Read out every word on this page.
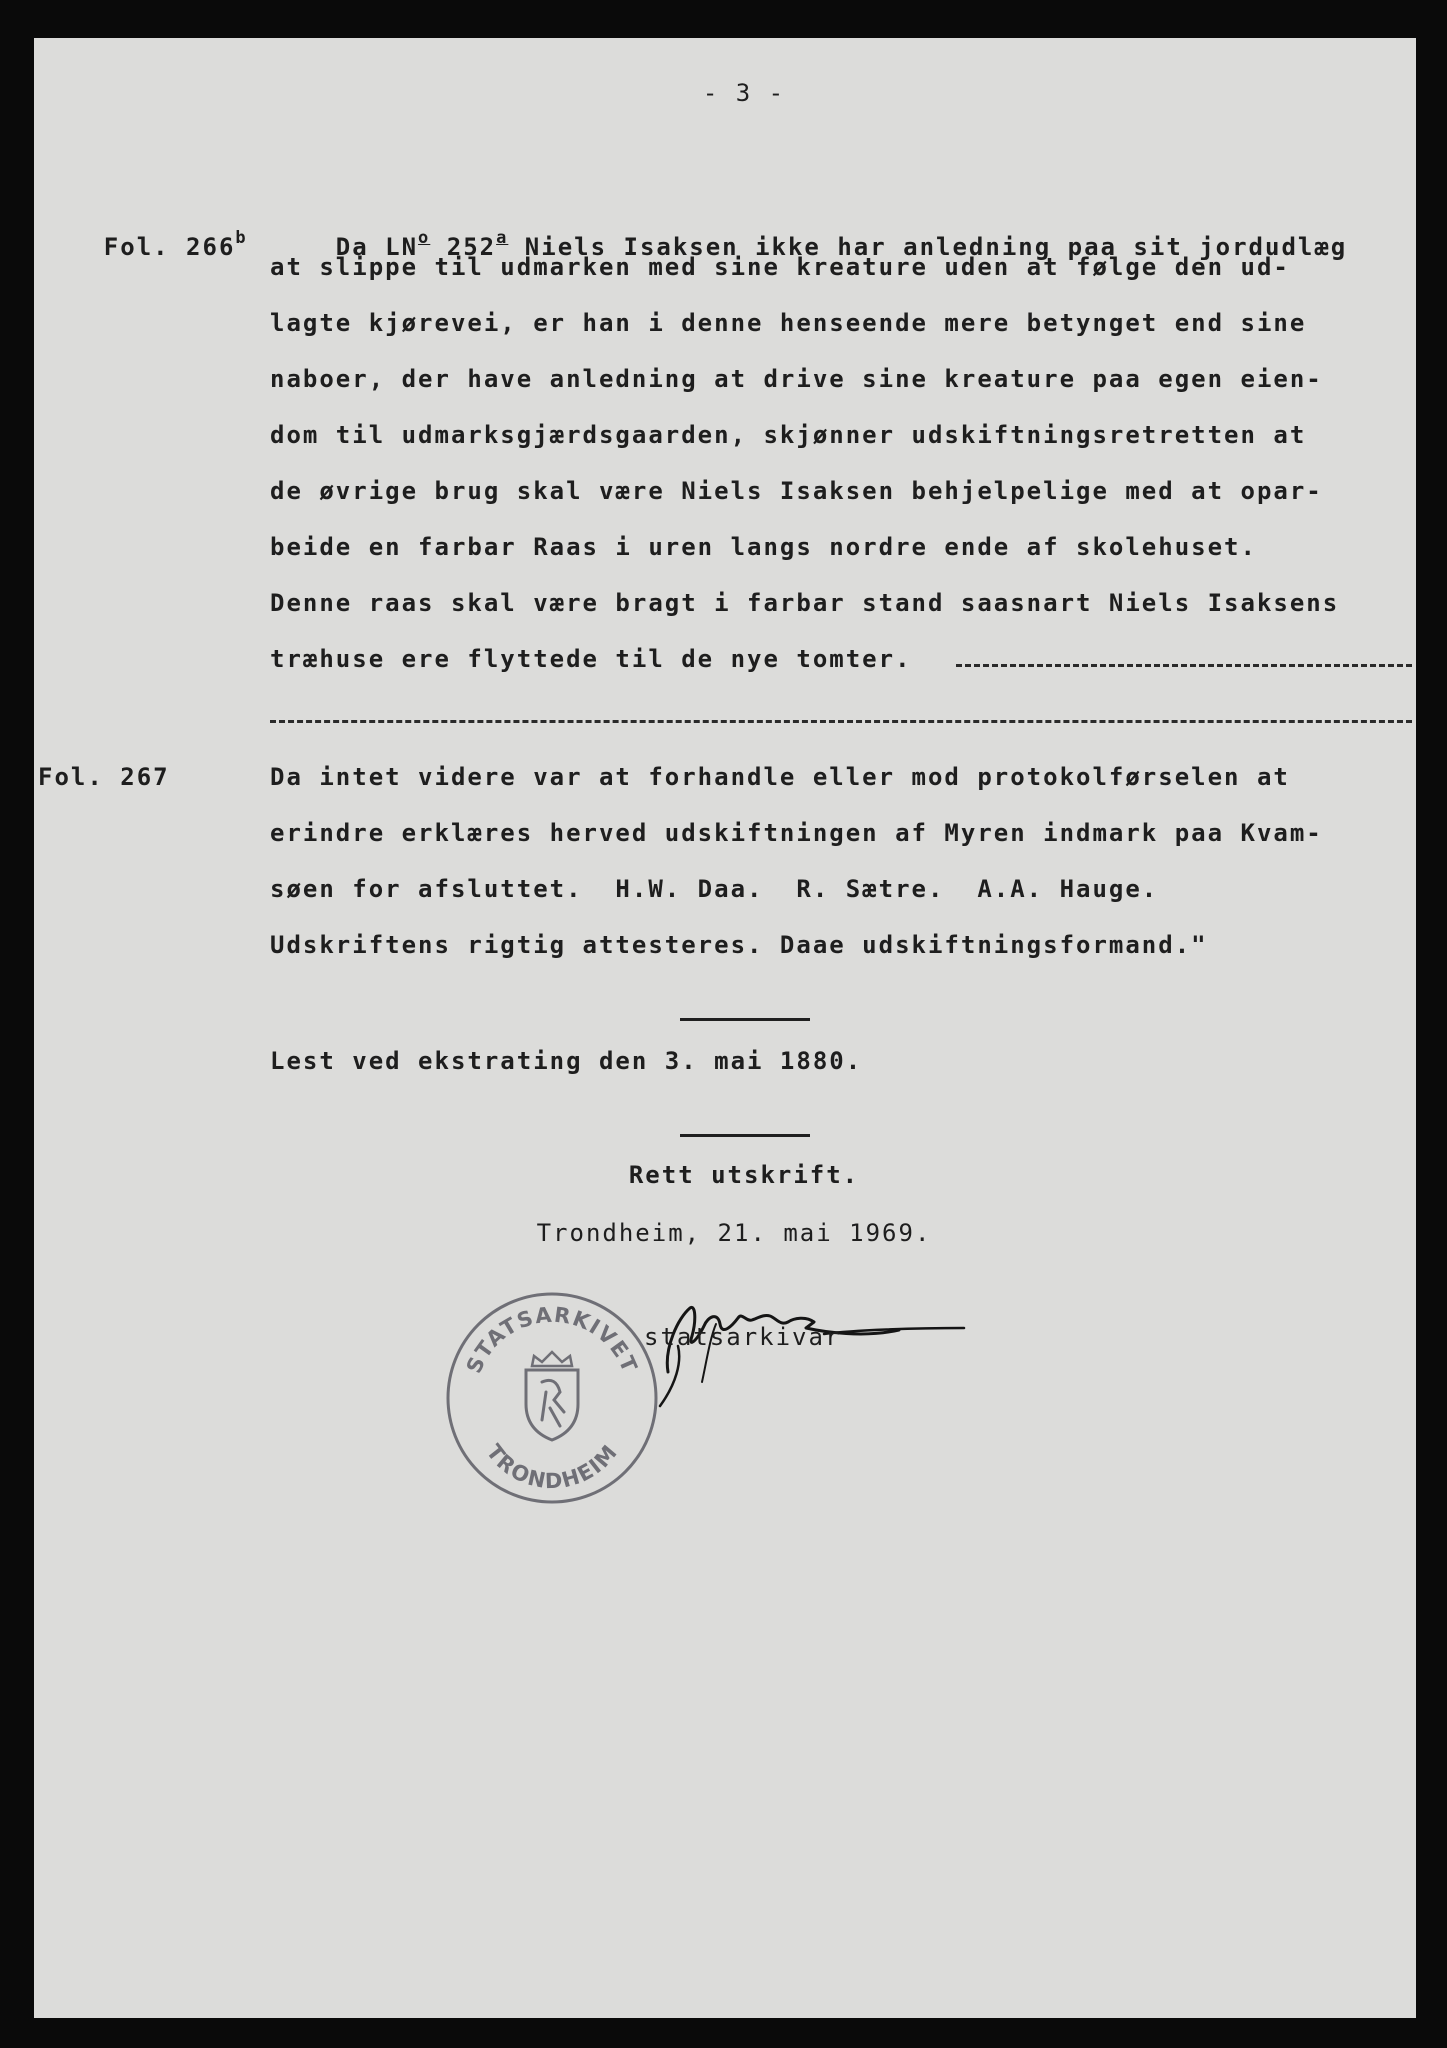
- 3 -

Fol. 266$^b$
	Da $LN^o$ 252$^a$ Niels Isaksen ikke har anledning paa sit jordudlæg

at slippe til udmarken med sine kreature uden at følge den ud-
lagte kjørevei, er han i denne henseende mere betynget end sine
naboer, der have anledning at drive sine kreature paa egen eien-
dom til udmarksgjærdsgaarden, skjønner udskiftningsretretten at
de øvrige brug skal være Niels Isaksen behjelpelige med at opar-
beide en farbar Raas i uren langs nordre ende af skolehuset.
Denne raas skal være bragt i farbar stand saasnart Niels Isaksens
træhuse ere flyttede til de nye tomter.
Fol. 267	Da intet videre var at forhandle eller mod protokolførselen at
erindre erklæres herved udskiftningen af Myren indmark paa Kvam-
søen for afsluttet.  H.W. Daa.  R. Sætre.  A.A. Hauge.
Udskriftens rigtig attesteres. Daae udskiftningsformand."
Lest ved ekstrating den 3. mai 1880.
Rett utskrift.
Trondheim, 21. mai 1969.
STATSARKIVET
TRONDHEIM
statsarkivar
